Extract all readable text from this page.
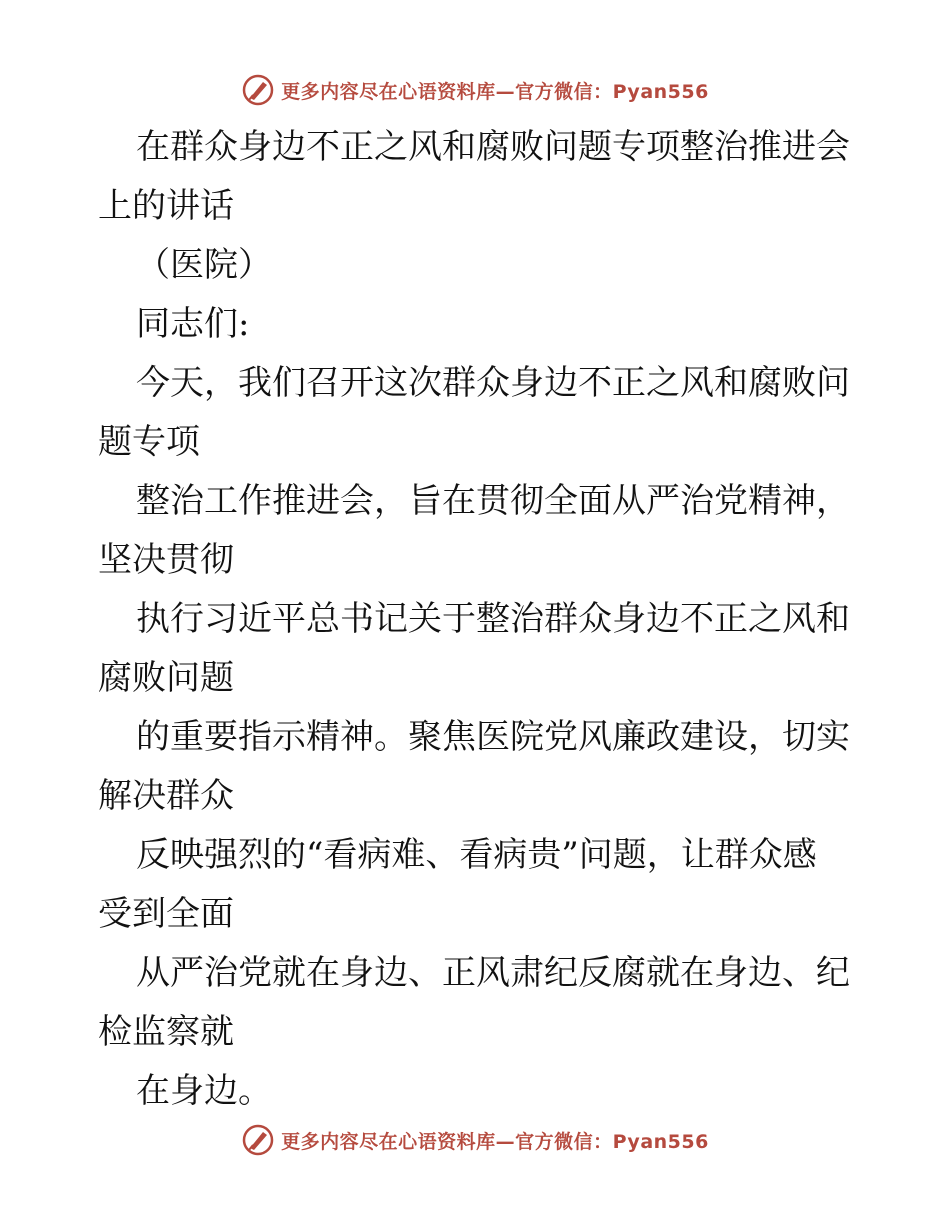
更多内容尽在心语资料库—官方微信：Pyan556

在群众身边不正之风和腐败问题专项整治推进会

上的讲话

（医院）

同志们:

今天，我们召开这次群众身边不正之风和腐败问

题专项

整治工作推进会，旨在贯彻全面从严治党精神，

坚决贯彻

执行习近平总书记关于整治群众身边不正之风和

腐败问题

的重要指示精神。聚焦医院党风廉政建设，切实

解决群众

反映强烈的“看病难、看病贵”问题，让群众感

受到全面

从严治党就在身边、正风肃纪反腐就在身边、纪

检监察就

在身边。

更多内容尽在心语资料库—官方微信：Pyan556
